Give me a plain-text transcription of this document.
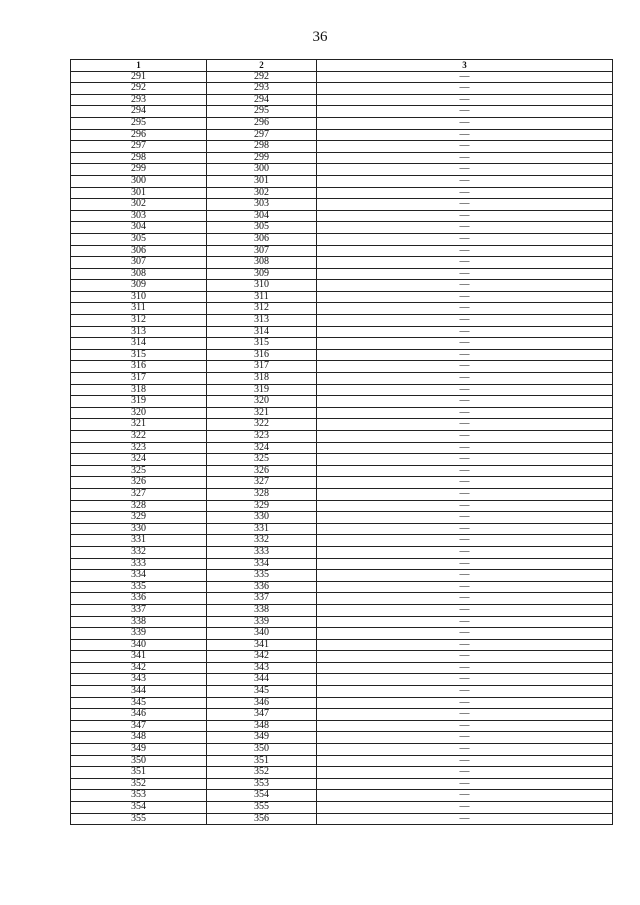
36
1	2	3
291	292	—
292	293	—
293	294	—
294	295	—
295	296	—
296	297	—
297	298	—
298	299	—
299	300	—
300	301	—
301	302	—
302	303	—
303	304	—
304	305	—
305	306	—
306	307	—
307	308	—
308	309	—
309	310	—
310	311	—
311	312	—
312	313	—
313	314	—
314	315	—
315	316	—
316	317	—
317	318	—
318	319	—
319	320	—
320	321	—
321	322	—
322	323	—
323	324	—
324	325	—
325	326	—
326	327	—
327	328	—
328	329	—
329	330	—
330	331	—
331	332	—
332	333	—
333	334	—
334	335	—
335	336	—
336	337	—
337	338	—
338	339	—
339	340	—
340	341	—
341	342	—
342	343	—
343	344	—
344	345	—
345	346	—
346	347	—
347	348	—
348	349	—
349	350	—
350	351	—
351	352	—
352	353	—
353	354	—
354	355	—
355	356	—
